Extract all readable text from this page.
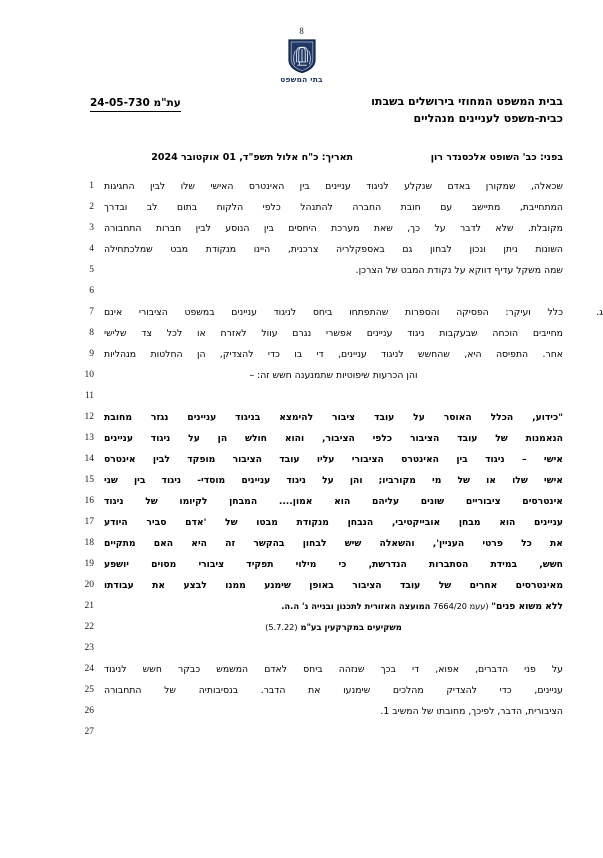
8
בתי המשפט
עת"מ 24-05-730	בבית המשפט המחוזי בירושלים בשבתו
כבית-משפט לעניינים מנהליים
בפני: כב' השופט אלכסנדר רון
תאריך: כ"ח אלול תשפ"ד, 01 אוקטובר 2024
1 שכאלה, שמקורן באדם שנקלע לניגוד עניינים בין האינטרס האישי שלו לבין החגיגות
2 המתחייבת, מתיישב עם חובת החברה להתנהל כלפי הלקוח בתום לב ובדרך
3 מקובלת. שלא לדבר על כך, שאת מערכת היחסים בין הנוסע לבין חברות התחבורה
4 השונות ניתן ונכון לבחון גם באספקלריה צרכנית, היינו מנקודת מבט שמלכתחילה
5	שמה משקל עדיף דווקא על נקודת המבט של הצרכן.
6
7	ג.
כלל ועיקר: הפסיקה והספרות שהתפתחו ביחס לניגוד עניינים במשפט הציבורי אינם
8 מחייבים הוכחה שבעקבות ניגוד עניינים אפשרי נגרם עוול לאזרח או לכל צד שלישי
9 אחר. התפיסה היא, שהחשש לניגוד עניינים, די בו כדי להצדיק, הן החלטות מנהליות
10	והן הכרעות שיפוטיות שתמנענה חשש זה: –
11
12 "כידוע, הכלל האוסר על עובד ציבור להימצא בניגוד עניינים נגזר מחובת
13 הנאמנות של עובד הציבור כלפי הציבור, והוא חולש הן על ניגוד עניינים
14 אישי – ניגוד בין האינטרס הציבורי עליו עובד הציבור מופקד לבין אינטרס
15 אישי שלו או של מי מקורביו; והן על ניגוד עניינים מוסדי- ניגוד בין שני
16 אינטרסים ציבוריים שונים עליהם הוא אמון.... המבחן לקיומו של ניגוד
17 עניינים הוא מבחן אובייקטיבי, הנבחן מנקודת מבטו של 'אדם סביר היודע
18 את כל פרטי העניין', והשאלה שיש לבחון בהקשר זה היא האם מתקיים
19 חשש, במידת הסתברות הנדרשת, כי מילוי תפקיד ציבורי מסוים יושפע
20 מאינטרסים אחרים של עובד הציבור באופן שימנע ממנו לבצע את עבודתו
21	ללא משוא פנים" (עעמ 7664/20 המועצה האזורית לתכנון ובנייה נ' ה.ה.
22	משקיעים במקרקעין בע"מ (5.7.22)
23
24 על פני הדברים, אפוא, די בכך שנזהה ביחס לאדם המשמש כבקר חשש לניגוד
25 עניינים, כדי להצדיק מהלכים שימנעו את הדבר. בנסיבותיה של התחבורה
26	הציבורית, הדבר, לפיכך, מחובתו של המשיב 1.
27
